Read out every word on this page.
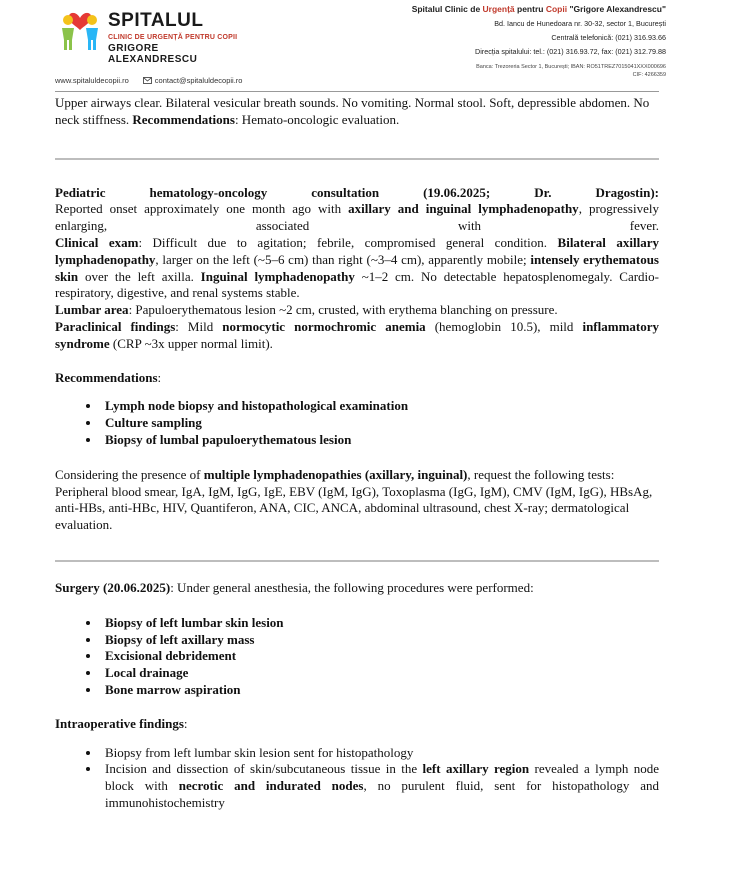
SPITALUL
CLINIC DE URGENȚĂ PENTRU COPII
GRIGORE ALEXANDRESCU
Spitalul Clinic de Urgență pentru Copii "Grigore Alexandrescu"
Bd. Iancu de Hunedoara nr. 30-32, sector 1, București
Centrală telefonică: (021) 316.93.66
Direcția spitalului: tel.: (021) 316.93.72, fax: (021) 312.79.88
Banca: Trezoreria Sector 1, București; IBAN: RO51TREZ7015041XXX000696
CIF: 4266359
www.spitaluldecopii.ro	contact@spitaluldecopii.ro

Upper airways clear. Bilateral vesicular breath sounds. No vomiting. Normal stool. Soft, depressible abdomen. No neck stiffness. Recommendations: Hemato-oncologic evaluation.

Pediatric hematology-oncology consultation (19.06.2025; Dr. Dragostin):

Reported onset approximately one month ago with axillary and inguinal lymphadenopathy, progressively enlarging, associated with fever.

Clinical exam: Difficult due to agitation; febrile, compromised general condition. Bilateral axillary lymphadenopathy, larger on the left (~5–6 cm) than right (~3–4 cm), apparently mobile; intensely erythematous skin over the left axilla. Inguinal lymphadenopathy ~1–2 cm. No detectable hepatosplenomegaly. Cardio-respiratory, digestive, and renal systems stable.

Lumbar area: Papuloerythematous lesion ~2 cm, crusted, with erythema blanching on pressure.

Paraclinical findings: Mild normocytic normochromic anemia (hemoglobin 10.5), mild inflammatory syndrome (CRP ~3x upper normal limit).

Recommendations:

• Lymph node biopsy and histopathological examination
• Culture sampling
• Biopsy of lumbal papuloerythematous lesion

Considering the presence of multiple lymphadenopathies (axillary, inguinal), request the following tests:

Peripheral blood smear, IgA, IgM, IgG, IgE, EBV (IgM, IgG), Toxoplasma (IgG, IgM), CMV (IgM, IgG), HBsAg, anti-HBs, anti-HBc, HIV, Quantiferon, ANA, CIC, ANCA, abdominal ultrasound, chest X-ray; dermatological evaluation.

Surgery (20.06.2025): Under general anesthesia, the following procedures were performed:

• Biopsy of left lumbar skin lesion
• Biopsy of left axillary mass
• Excisional debridement
• Local drainage
• Bone marrow aspiration

Intraoperative findings:

• Biopsy from left lumbar skin lesion sent for histopathology
• Incision and dissection of skin/subcutaneous tissue in the left axillary region revealed a lymph node block with necrotic and indurated nodes, no purulent fluid, sent for histopathology and immunohistochemistry
